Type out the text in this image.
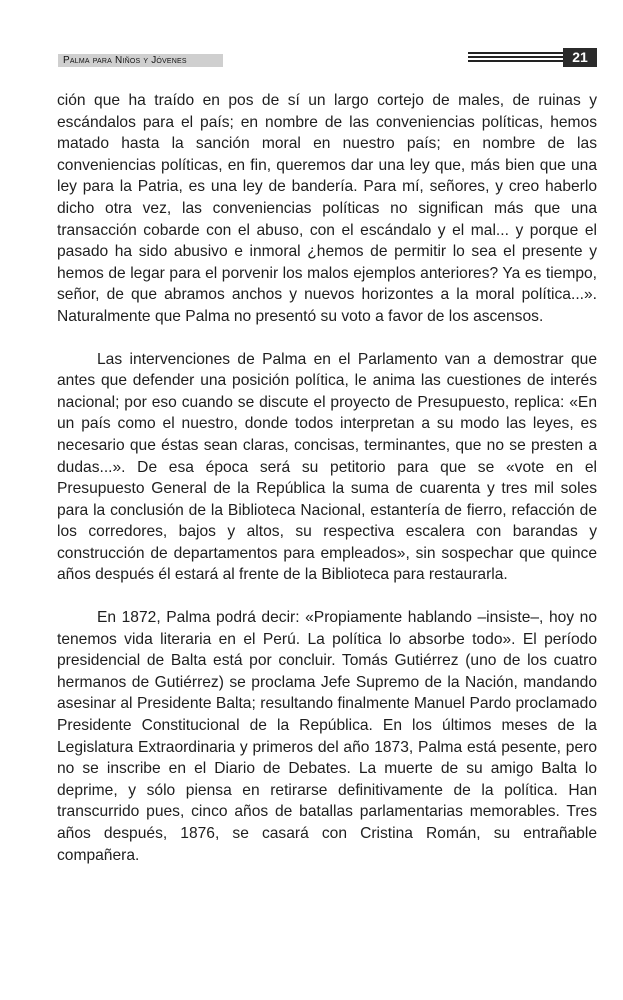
Palma para Niños y Jóvenes	21

ción que ha traído en pos de sí un largo cortejo de males, de ruinas y escándalos para el país; en nombre de las conveniencias políticas, hemos matado hasta la sanción moral en nuestro país; en nombre de las conveniencias políticas, en fin, queremos dar una ley que, más bien que una ley para la Patria, es una ley de bandería. Para mí, señores, y creo haberlo dicho otra vez, las conveniencias políticas no significan más que una transacción cobarde con el abuso, con el escándalo y el mal... y porque el pasado ha sido abusivo e inmoral ¿hemos de permitir lo sea el presente y hemos de legar para el porvenir los malos ejemplos anteriores? Ya es tiempo, señor, de que abramos anchos y nuevos horizontes a la moral política...». Naturalmente que Palma no presentó su voto a favor de los ascensos.

Las intervenciones de Palma en el Parlamento van a demostrar que antes que defender una posición política, le anima las cuestiones de interés nacional; por eso cuando se discute el proyecto de Presupuesto, replica: «En un país como el nuestro, donde todos interpretan a su modo las leyes, es necesario que éstas sean claras, concisas, terminantes, que no se presten a dudas...». De esa época será su petitorio para que se «vote en el Presupuesto General de la República la suma de cuarenta y tres mil soles para la conclusión de la Biblioteca Nacional, estantería de fierro, refacción de los corredores, bajos y altos, su respectiva escalera con barandas y construcción de departamentos para empleados», sin sospechar que quince años después él estará al frente de la Biblioteca para restaurarla.

En 1872, Palma podrá decir: «Propiamente hablando –insiste–, hoy no tenemos vida literaria en el Perú. La política lo absorbe todo». El período presidencial de Balta está por concluir. Tomás Gutiérrez (uno de los cuatro hermanos de Gutiérrez) se proclama Jefe Supremo de la Nación, mandando asesinar al Presidente Balta; resultando finalmente Manuel Pardo proclamado Presidente Constitucional de la República. En los últimos meses de la Legislatura Extraordinaria y primeros del año 1873, Palma está pesente, pero no se inscribe en el Diario de Debates. La muerte de su amigo Balta lo deprime, y sólo piensa en retirarse definitivamente de la política. Han transcurrido pues, cinco años de batallas parlamentarias memorables. Tres años después, 1876, se casará con Cristina Román, su entrañable compañera.
